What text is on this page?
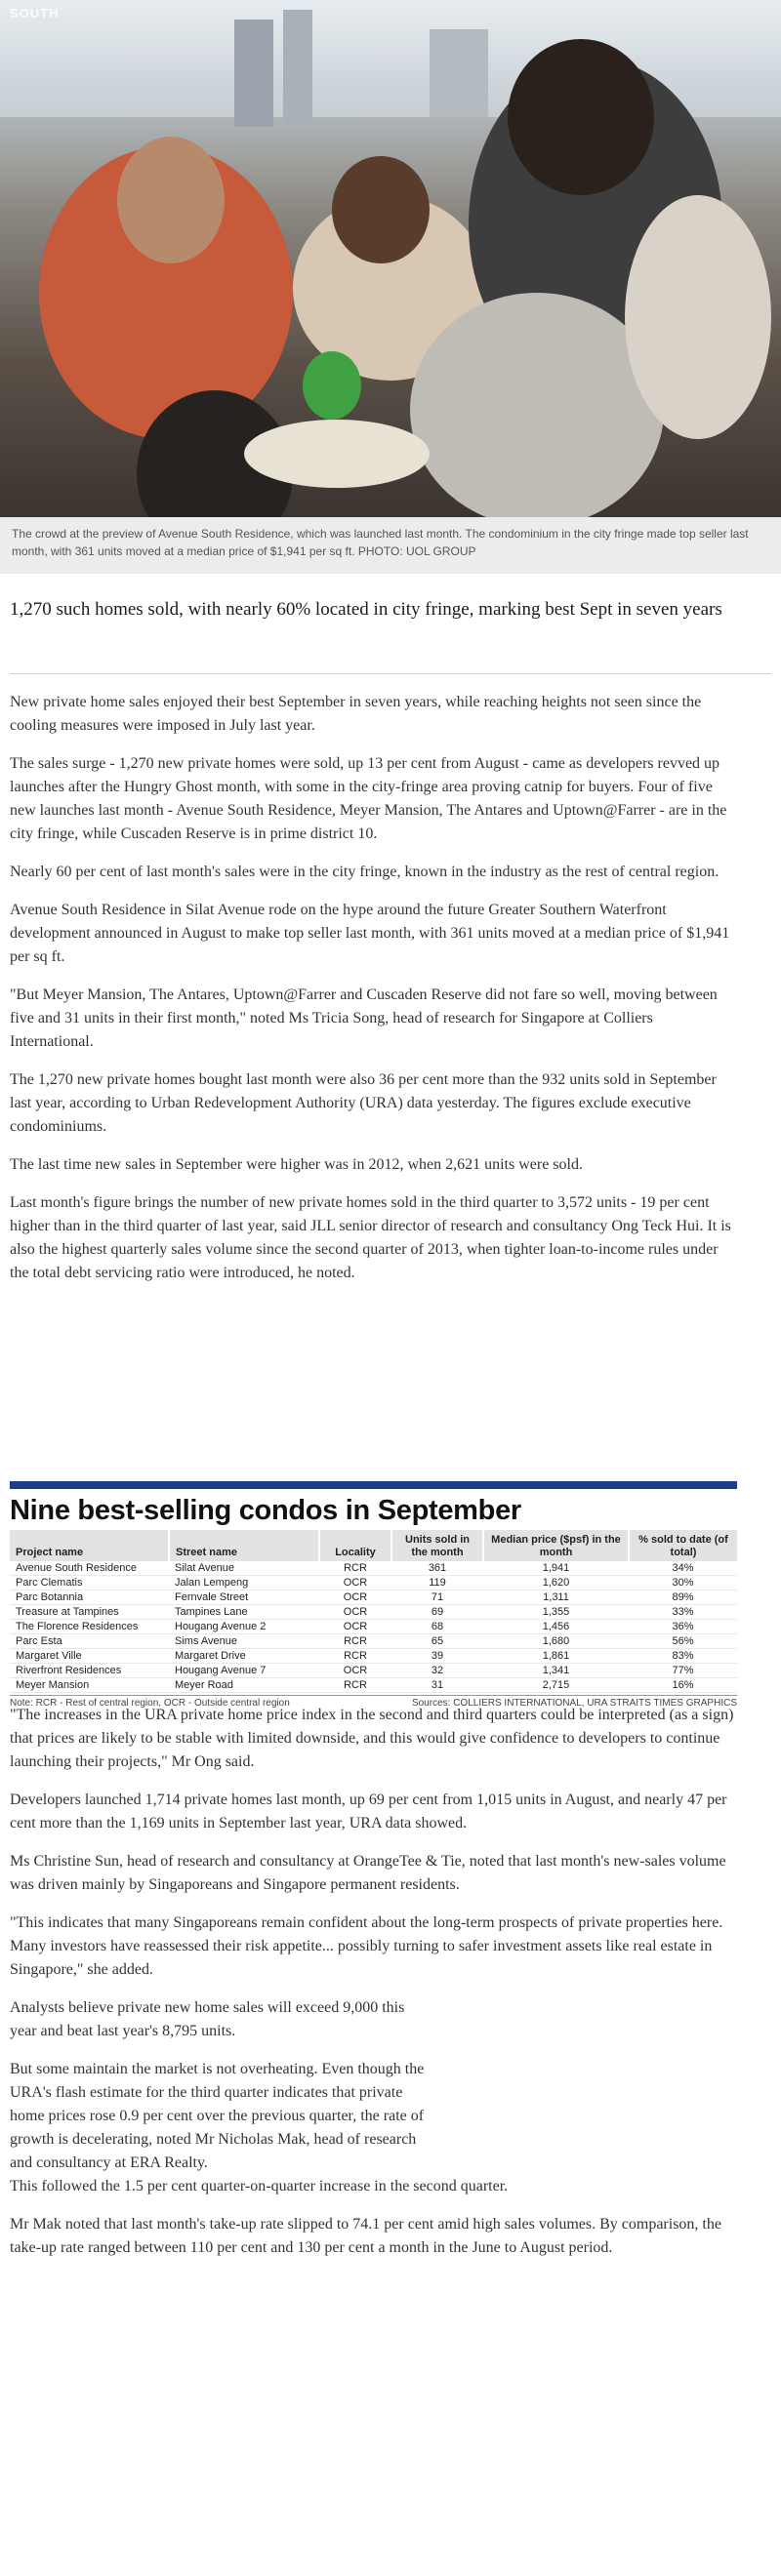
SOUTH
The crowd at the preview of Avenue South Residence, which was launched last month. The condominium in the city fringe made top seller last month, with 361 units moved at a median price of $1,941 per sq ft. PHOTO: UOL GROUP
1,270 such homes sold, with nearly 60% located in city fringe, marking best Sept in seven years

New private home sales enjoyed their best September in seven years, while reaching heights not seen since the cooling measures were imposed in July last year.

The sales surge - 1,270 new private homes were sold, up 13 per cent from August - came as developers revved up launches after the Hungry Ghost month, with some in the city-fringe area proving catnip for buyers. Four of five new launches last month - Avenue South Residence, Meyer Mansion, The Antares and Uptown@Farrer - are in the city fringe, while Cuscaden Reserve is in prime district 10.

Nearly 60 per cent of last month's sales were in the city fringe, known in the industry as the rest of central region.

Avenue South Residence in Silat Avenue rode on the hype around the future Greater Southern Waterfront development announced in August to make top seller last month, with 361 units moved at a median price of $1,941 per sq ft.

"But Meyer Mansion, The Antares, Uptown@Farrer and Cuscaden Reserve did not fare so well, moving between five and 31 units in their first month," noted Ms Tricia Song, head of research for Singapore at Colliers International.

The 1,270 new private homes bought last month were also 36 per cent more than the 932 units sold in September last year, according to Urban Redevelopment Authority (URA) data yesterday. The figures exclude executive condominiums.

The last time new sales in September were higher was in 2012, when 2,621 units were sold.

Last month's figure brings the number of new private homes sold in the third quarter to 3,572 units - 19 per cent higher than in the third quarter of last year, said JLL senior director of research and consultancy Ong Teck Hui. It is also the highest quarterly sales volume since the second quarter of 2013, when tighter loan-to-income rules under the total debt servicing ratio were introduced, he noted.

Nine best-selling condos in September
Project name	Street name	Locality	Units sold in the month	Median price ($psf) in the month	% sold to date (of total)
Avenue South Residence	Silat Avenue	RCR	361	1,941	34%
Parc Clematis	Jalan Lempeng	OCR	119	1,620	30%
Parc Botannia	Fernvale Street	OCR	71	1,311	89%
Treasure at Tampines	Tampines Lane	OCR	69	1,355	33%
The Florence Residences	Hougang Avenue 2	OCR	68	1,456	36%
Parc Esta	Sims Avenue	RCR	65	1,680	56%
Margaret Ville	Margaret Drive	RCR	39	1,861	83%
Riverfront Residences	Hougang Avenue 7	OCR	32	1,341	77%
Meyer Mansion	Meyer Road	RCR	31	2,715	16%
Note: RCR - Rest of central region, OCR - Outside central region	Sources: COLLIERS INTERNATIONAL, URA STRAITS TIMES GRAPHICS

"The increases in the URA private home price index in the second and third quarters could be interpreted (as a sign) that prices are likely to be stable with limited downside, and this would give confidence to developers to continue launching their projects," Mr Ong said.

Developers launched 1,714 private homes last month, up 69 per cent from 1,015 units in August, and nearly 47 per cent more than the 1,169 units in September last year, URA data showed.

Ms Christine Sun, head of research and consultancy at OrangeTee & Tie, noted that last month's new-sales volume was driven mainly by Singaporeans and Singapore permanent residents.

"This indicates that many Singaporeans remain confident about the long-term prospects of private properties here. Many investors have reassessed their risk appetite... possibly turning to safer investment assets like real estate in Singapore," she added.

Analysts believe private new home sales will exceed 9,000 this year and beat last year's 8,795 units.

But some maintain the market is not overheating. Even though the URA's flash estimate for the third quarter indicates that private home prices rose 0.9 per cent over the previous quarter, the rate of growth is decelerating, noted Mr Nicholas Mak, head of research and consultancy at ERA Realty.
This followed the 1.5 per cent quarter-on-quarter increase in the second quarter.

Mr Mak noted that last month's take-up rate slipped to 74.1 per cent amid high sales volumes. By comparison, the take-up rate ranged between 110 per cent and 130 per cent a month in the June to August period.
